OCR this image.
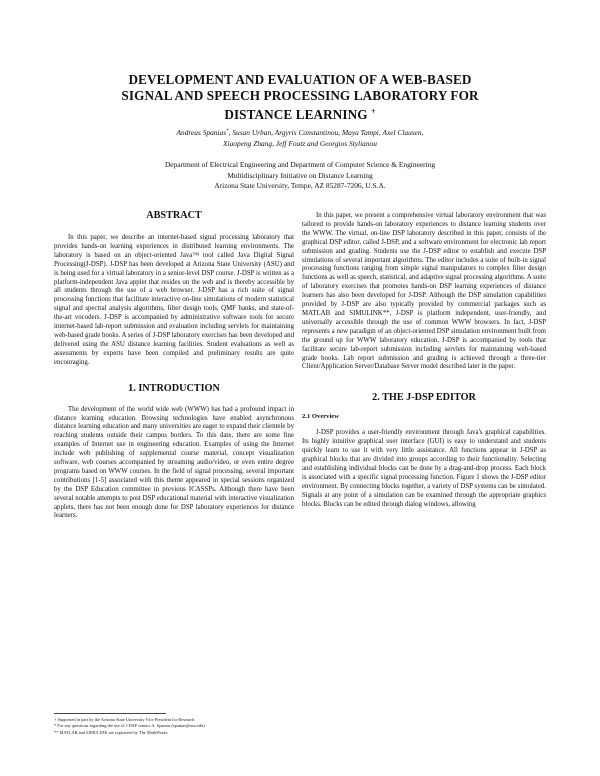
DEVELOPMENT AND EVALUATION OF A WEB-BASED
SIGNAL AND SPEECH PROCESSING LABORATORY FOR
DISTANCE LEARNING +
Andreas Spanias*, Susan Urban, Argyris Constantinou, Maya Tampi, Axel Clausen,
Xiaopeng Zhang, Jeff Foutz and Georgios Stylianou
Department of Electrical Engineering and Department of Computer Science & Engineering
Multidisciplinary Initiative on Distance Learning
Arizona State University, Tempe, AZ 85287-7206, U.S.A.
ABSTRACT

In this paper, we describe an internet-based signal processing laboratory that provides hands-on learning experiences in distributed learning environments. The laboratory is based on an object-oriented Java™ tool called Java Digital Signal Processing(J-DSP). J-DSP has been developed at Arizona State University (ASU) and is being used for a virtual laboratory in a senior-level DSP course. J-DSP is written as a platform-independent Java applet that resides on the web and is thereby accessible by all students through the use of a web browser. J-DSP has a rich suite of signal processing functions that facilitate interactive on-line simulations of modern statistical signal and spectral analysis algorithms, filter design tools, QMF banks, and state-of-the-art vocoders. J-DSP is accompanied by administrative software tools for secure internet-based lab-report submission and evaluation including servlets for maintaining web-based grade books. A series of J-DSP laboratory exercises has been developed and delivered using the ASU distance learning facilities. Student evaluations as well as assessments by experts have been compiled and preliminary results are quite encouraging.

1. INTRODUCTION

The development of the world wide web (WWW) has had a profound impact in distance learning education. Browsing technologies have enabled asynchronous distance learning education and many universities are eager to expand their clientele by reaching students outside their campus borders. To this date, there are some fine examples of Internet use in engineering education. Examples of using the Internet include web publishing of supplemental course material, concept visualization software, web courses accompanied by streaming audio/video, or even entire degree programs based on WWW courses. In the field of signal processing, several important contributions [1-5] associated with this theme appeared in special sessions organized by the DSP Education committee in previous ICASSPs. Although there have been several notable attempts to post DSP educational material with interactive visualization applets, there has not been enough done for DSP laboratory experiences for distance learners.

In this paper, we present a comprehensive virtual laboratory environment that was tailored to provide hands-on laboratory experiences to distance learning students over the WWW. The virtual, on-line DSP laboratory described in this paper, consists of the graphical DSP editor, called J-DSP, and a software environment for electronic lab report submission and grading. Students use the J-DSP editor to establish and execute DSP simulations of several important algorithms. The editor includes a suite of built-in signal processing functions ranging from simple signal manipulators to complex filter design functions as well as speech, statistical, and adaptive signal processing algorithms. A suite of laboratory exercises that promotes hands-on DSP learning experiences of distance learners has also been developed for J-DSP. Although the DSP simulation capabilities provided by J-DSP are also typically provided by commercial packages such as MATLAB and SIMULINK**, J-DSP is platform independent, user-friendly, and universally accessible through the use of common WWW browsers. In fact, J-DSP represents a new paradigm of an object-oriented DSP simulation environment built from the ground up for WWW laboratory education. J-DSP is accompanied by tools that facilitate secure lab-report submission including servlets for maintaining web-based grade books. Lab report submission and grading is achieved through a three-tier Client/Application Server/Database Server model described later in the paper.

2. THE J-DSP EDITOR
2.1 Overview

J-DSP provides a user-friendly environment through Java's graphical capabilities. Its highly intuitive graphical user interface (GUI) is easy to understand and students quickly learn to use it with very little assistance. All functions appear in J-DSP as graphical blocks that are divided into groups according to their functionality. Selecting and establishing individual blocks can be done by a drag-and-drop process. Each block is associated with a specific signal processing function. Figure 1 shows the J-DSP editor environment. By connecting blocks together, a variety of DSP systems can be simulated. Signals at any point of a simulation can be examined through the appropriate graphics blocks. Blocks can be edited through dialog windows, allowing

+ Supported in part by the Arizona State University Vice President for Research
* For any questions regarding the use of J-DSP contact A. Spanias (spanias@asu.edu)
** MATLAB and SIMULINK are registered by The MathWorks
